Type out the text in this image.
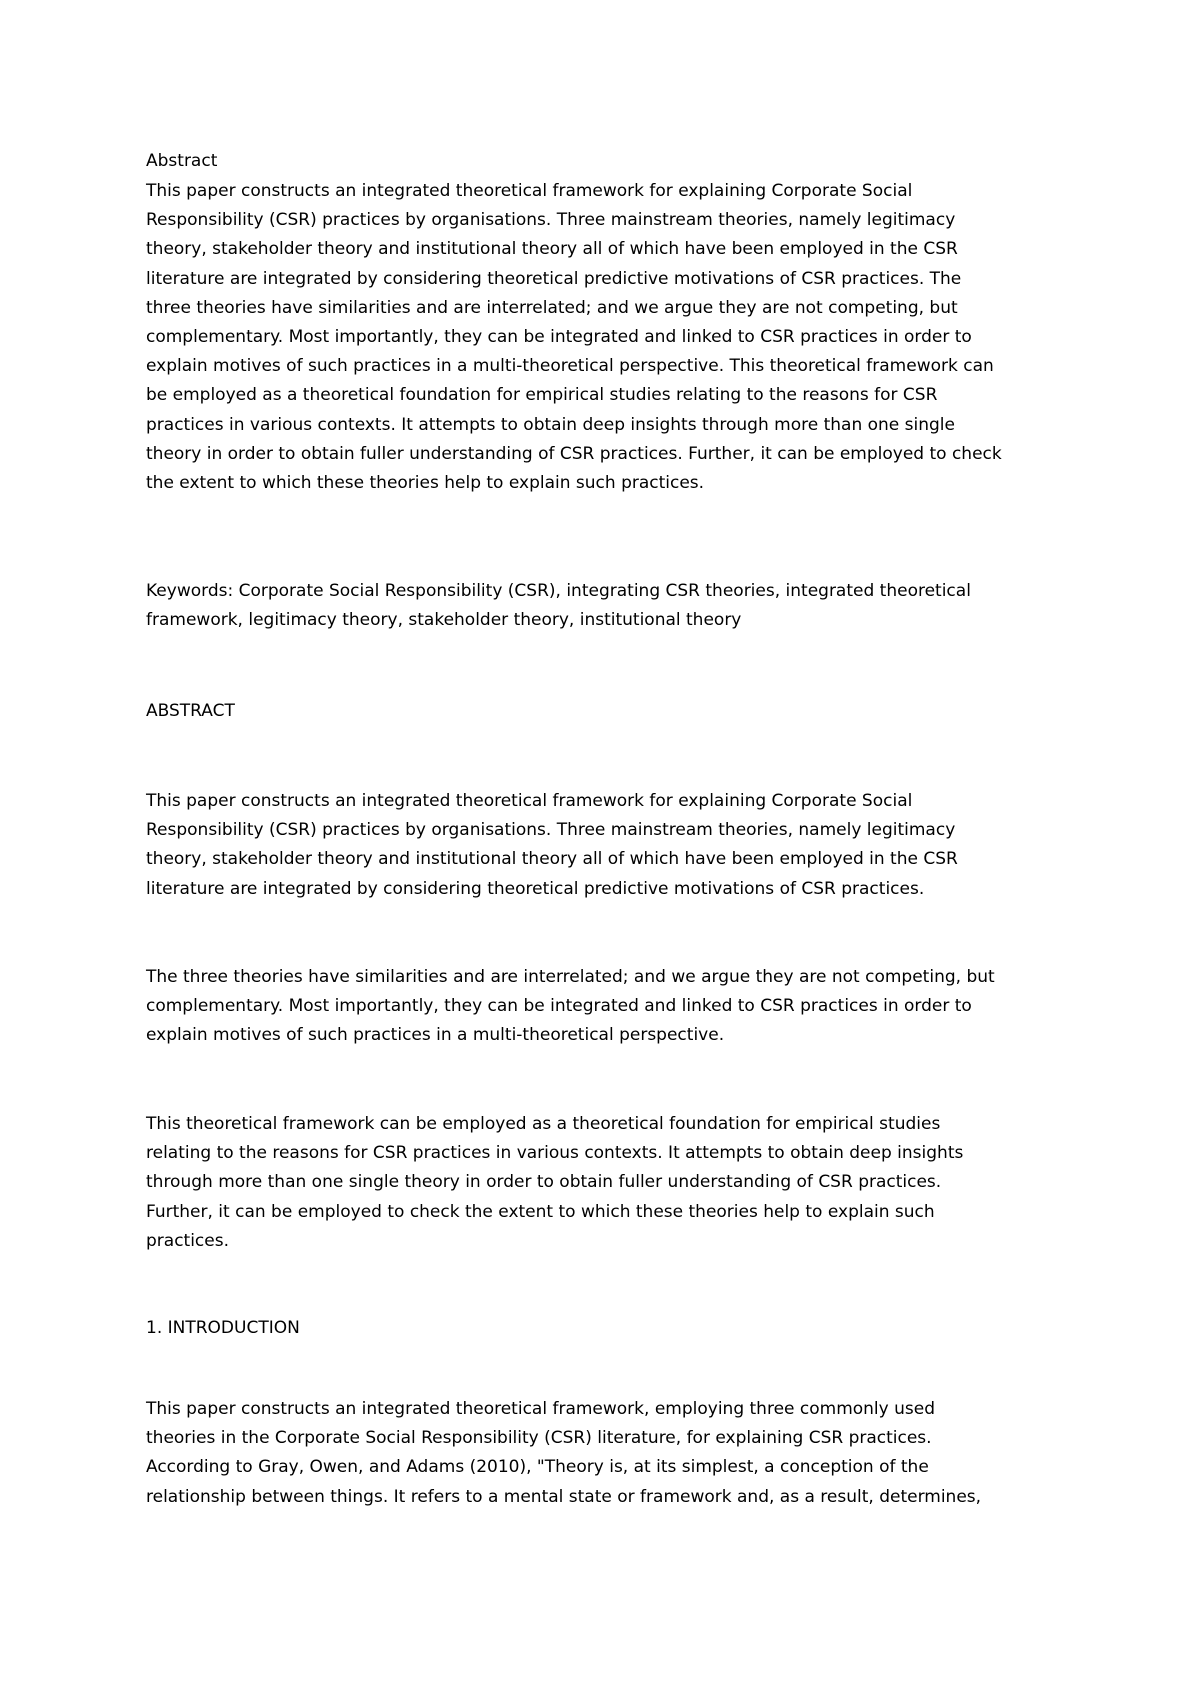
Abstract

This paper constructs an integrated theoretical framework for explaining Corporate Social
Responsibility (CSR) practices by organisations. Three mainstream theories, namely legitimacy
theory, stakeholder theory and institutional theory all of which have been employed in the CSR
literature are integrated by considering theoretical predictive motivations of CSR practices. The
three theories have similarities and are interrelated; and we argue they are not competing, but
complementary. Most importantly, they can be integrated and linked to CSR practices in order to
explain motives of such practices in a multi-theoretical perspective. This theoretical framework can
be employed as a theoretical foundation for empirical studies relating to the reasons for CSR
practices in various contexts. It attempts to obtain deep insights through more than one single
theory in order to obtain fuller understanding of CSR practices. Further, it can be employed to check
the extent to which these theories help to explain such practices.

Keywords: Corporate Social Responsibility (CSR), integrating CSR theories, integrated theoretical
framework, legitimacy theory, stakeholder theory, institutional theory

ABSTRACT

This paper constructs an integrated theoretical framework for explaining Corporate Social
Responsibility (CSR) practices by organisations. Three mainstream theories, namely legitimacy
theory, stakeholder theory and institutional theory all of which have been employed in the CSR
literature are integrated by considering theoretical predictive motivations of CSR practices.

The three theories have similarities and are interrelated; and we argue they are not competing, but
complementary. Most importantly, they can be integrated and linked to CSR practices in order to
explain motives of such practices in a multi-theoretical perspective.

This theoretical framework can be employed as a theoretical foundation for empirical studies
relating to the reasons for CSR practices in various contexts. It attempts to obtain deep insights
through more than one single theory in order to obtain fuller understanding of CSR practices.
Further, it can be employed to check the extent to which these theories help to explain such
practices.

1. INTRODUCTION

This paper constructs an integrated theoretical framework, employing three commonly used
theories in the Corporate Social Responsibility (CSR) literature, for explaining CSR practices.
According to Gray, Owen, and Adams (2010), "Theory is, at its simplest, a conception of the
relationship between things. It refers to a mental state or framework and, as a result, determines,
